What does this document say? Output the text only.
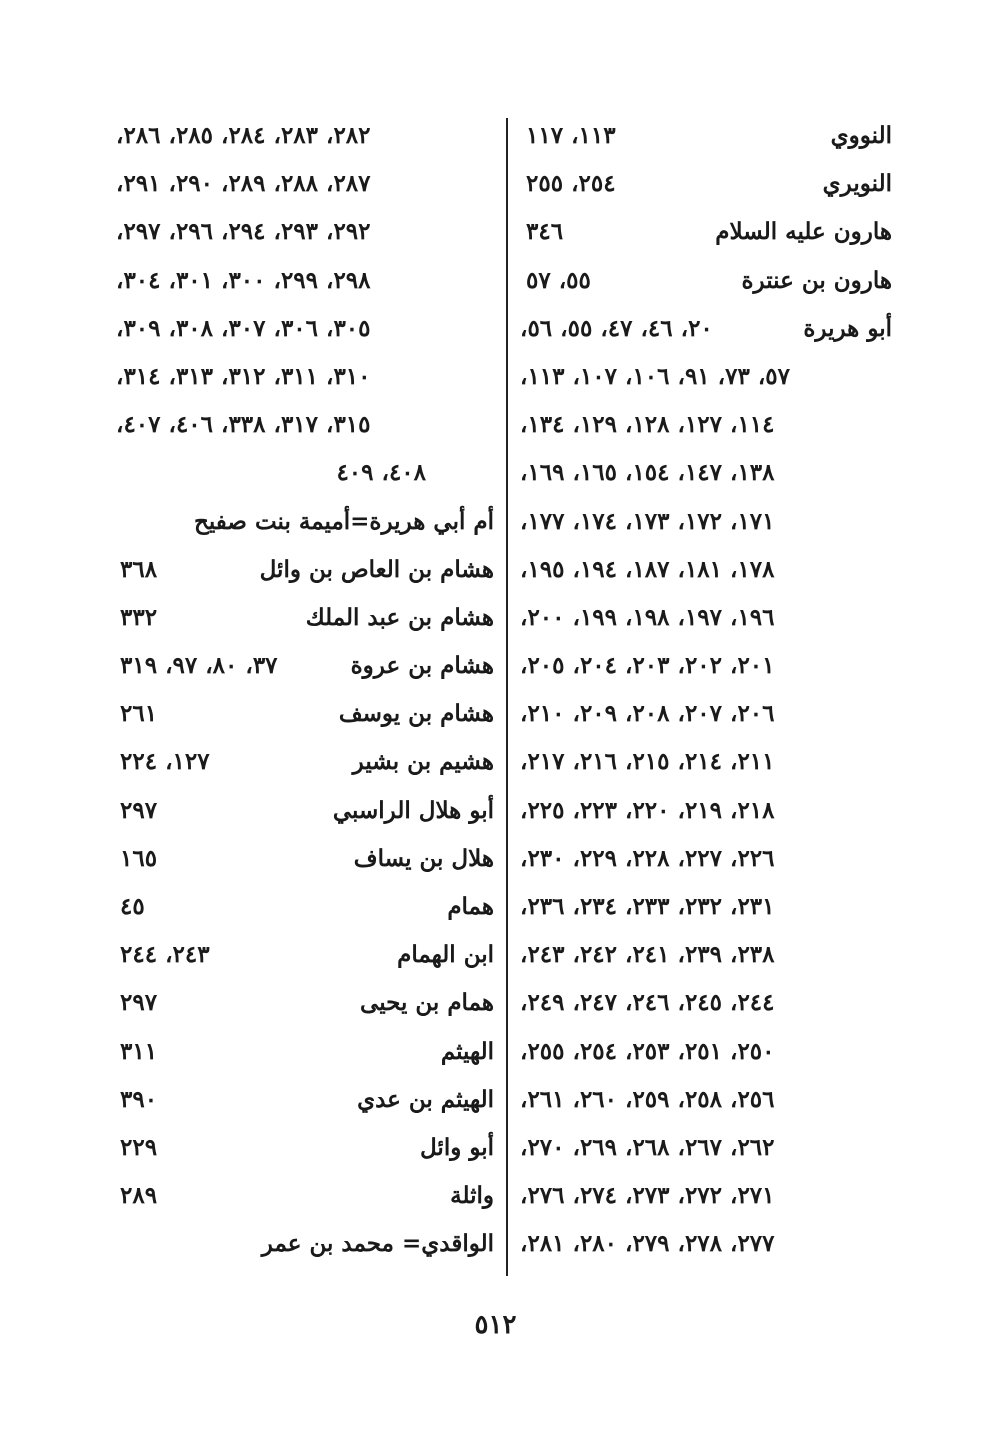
النووي
١١٣، ١١٧
النويري
٢٥٤، ٢٥٥
هارون عليه السلام
٣٤٦
هارون بن عنترة
٥٥، ٥٧
أبو هريرة
٢٠، ٤٦، ٤٧، ٥٥، ٥٦،
٥٧، ٧٣، ٩١، ١٠٦، ١٠٧، ١١٣،
١١٤، ١٢٧، ١٢٨، ١٢٩، ١٣٤،
١٣٨، ١٤٧، ١٥٤، ١٦٥، ١٦٩،
١٧١، ١٧٢، ١٧٣، ١٧٤، ١٧٧،
١٧٨، ١٨١، ١٨٧، ١٩٤، ١٩٥،
١٩٦، ١٩٧، ١٩٨، ١٩٩، ٢٠٠،
٢٠١، ٢٠٢، ٢٠٣، ٢٠٤، ٢٠٥،
٢٠٦، ٢٠٧، ٢٠٨، ٢٠٩، ٢١٠،
٢١١، ٢١٤، ٢١٥، ٢١٦، ٢١٧،
٢١٨، ٢١٩، ٢٢٠، ٢٢٣، ٢٢٥،
٢٢٦، ٢٢٧، ٢٢٨، ٢٢٩، ٢٣٠،
٢٣١، ٢٣٢، ٢٣٣، ٢٣٤، ٢٣٦،
٢٣٨، ٢٣٩، ٢٤١، ٢٤٢، ٢٤٣،
٢٤٤، ٢٤٥، ٢٤٦، ٢٤٧، ٢٤٩،
٢٥٠، ٢٥١، ٢٥٣، ٢٥٤، ٢٥٥،
٢٥٦، ٢٥٨، ٢٥٩، ٢٦٠، ٢٦١،
٢٦٢، ٢٦٧، ٢٦٨، ٢٦٩، ٢٧٠،
٢٧١، ٢٧٢، ٢٧٣، ٢٧٤، ٢٧٦،
٢٧٧، ٢٧٨، ٢٧٩، ٢٨٠، ٢٨١،
٢٨٢، ٢٨٣، ٢٨٤، ٢٨٥، ٢٨٦،
٢٨٧، ٢٨٨، ٢٨٩، ٢٩٠، ٢٩١،
٢٩٢، ٢٩٣، ٢٩٤، ٢٩٦، ٢٩٧،
٢٩٨، ٢٩٩، ٣٠٠، ٣٠١، ٣٠٤،
٣٠٥، ٣٠٦، ٣٠٧، ٣٠٨، ٣٠٩،
٣١٠، ٣١١، ٣١٢، ٣١٣، ٣١٤،
٣١٥، ٣١٧، ٣٣٨، ٤٠٦، ٤٠٧،
٤٠٨، ٤٠٩
أم أبي هريرة=أميمة بنت صفيح
هشام بن العاص بن وائل
٣٦٨
هشام بن عبد الملك
٣٣٢
هشام بن عروة
٣٧، ٨٠، ٩٧، ٣١٩
هشام بن يوسف
٢٦١
هشيم بن بشير
١٢٧، ٢٢٤
أبو هلال الراسبي
٢٩٧
هلال بن يساف
١٦٥
همام
٤٥
ابن الهمام
٢٤٣، ٢٤٤
همام بن يحيى
٢٩٧
الهيثم
٣١١
الهيثم بن عدي
٣٩٠
أبو وائل
٢٢٩
واثلة
٢٨٩
الواقدي= محمد بن عمر
٥١٢
